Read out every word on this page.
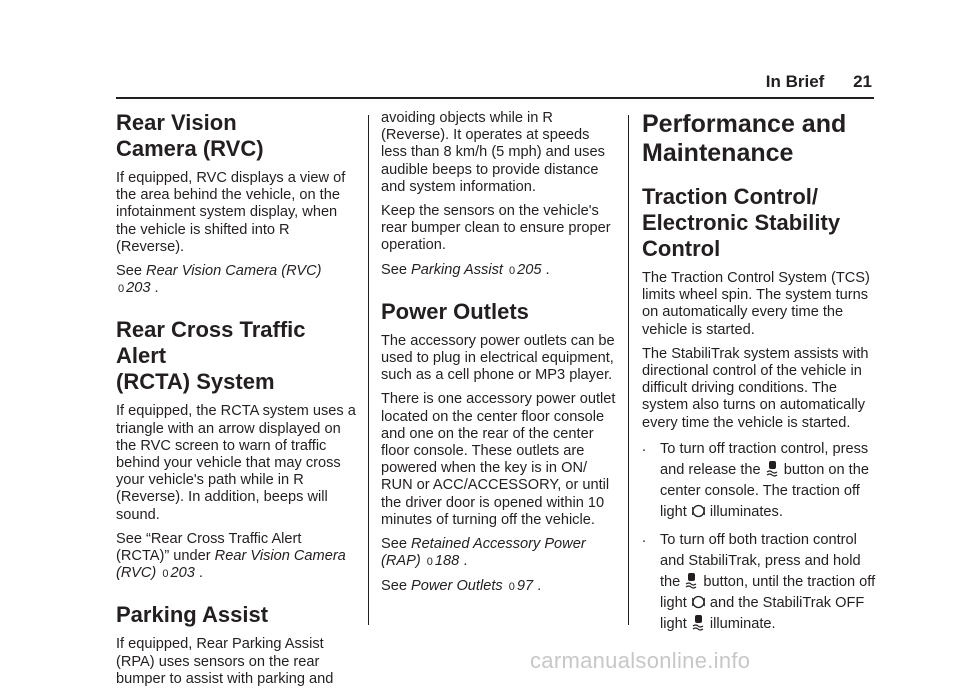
In Brief 21
Rear Vision
Camera (RVC)

If equipped, RVC displays a view of the area behind the vehicle, on the infotainment system display, when the vehicle is shifted into R (Reverse).

See Rear Vision Camera (RVC)
0 203 .

Rear Cross Traffic Alert
(RCTA) System

If equipped, the RCTA system uses a triangle with an arrow displayed on the RVC screen to warn of traffic behind your vehicle that may cross your vehicle's path while in R (Reverse). In addition, beeps will sound.

See “Rear Cross Traffic Alert (RCTA)” under Rear Vision Camera (RVC) 0 203 .

Parking Assist

If equipped, Rear Parking Assist (RPA) uses sensors on the rear bumper to assist with parking and

avoiding objects while in R (Reverse). It operates at speeds less than 8 km/h (5 mph) and uses audible beeps to provide distance and system information.

Keep the sensors on the vehicle's rear bumper clean to ensure proper operation.

See Parking Assist 0 205 .

Power Outlets

The accessory power outlets can be used to plug in electrical equipment, such as a cell phone or MP3 player.

There is one accessory power outlet located on the center floor console and one on the rear of the center floor console. These outlets are powered when the key is in ON/ RUN or ACC/ACCESSORY, or until the driver door is opened within 10 minutes of turning off the vehicle.

See Retained Accessory Power (RAP) 0 188 .

See Power Outlets 0 97 .

Performance and
Maintenance
Traction Control/
Electronic Stability
Control

The Traction Control System (TCS) limits wheel spin. The system turns on automatically every time the vehicle is started.

The StabiliTrak system assists with directional control of the vehicle in difficult driving conditions. The system also turns on automatically every time the vehicle is started.

. To turn off traction control, press and release the button on the center console. The traction off light illuminates.
. To turn off both traction control and StabiliTrak, press and hold the button, until the traction off light and the StabiliTrak OFF light illuminate.
carmanualsonline.info
